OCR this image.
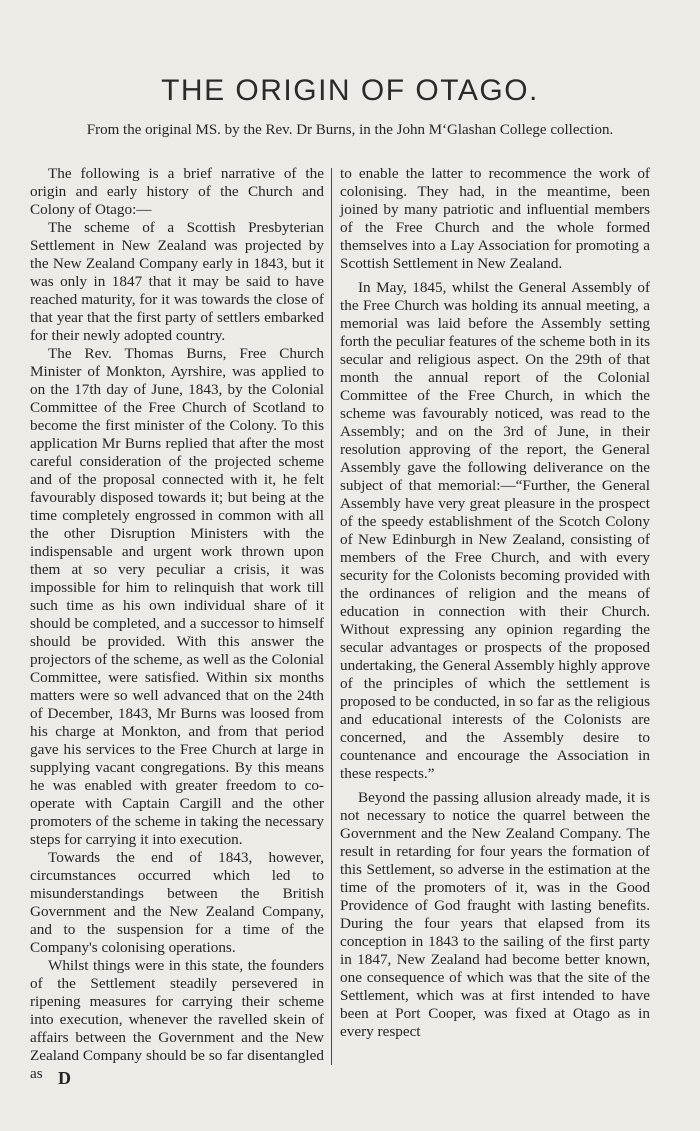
THE ORIGIN OF OTAGO.

From the original MS. by the Rev. Dr Burns, in the John M‘Glashan College collection.

The following is a brief narrative of the origin and early history of the Church and Colony of Otago:—

The scheme of a Scottish Presbyterian Settlement in New Zealand was projected by the New Zealand Company early in 1843, but it was only in 1847 that it may be said to have reached maturity, for it was towards the close of that year that the first party of settlers embarked for their newly adopted country.

The Rev. Thomas Burns, Free Church Minister of Monkton, Ayrshire, was applied to on the 17th day of June, 1843, by the Colonial Committee of the Free Church of Scotland to become the first minister of the Colony. To this application Mr Burns replied that after the most careful consideration of the projected scheme and of the proposal connected with it, he felt favourably disposed towards it; but being at the time completely engrossed in common with all the other Disruption Ministers with the indispensable and urgent work thrown upon them at so very peculiar a crisis, it was impossible for him to relinquish that work till such time as his own individual share of it should be completed, and a successor to himself should be provided. With this answer the projectors of the scheme, as well as the Colonial Committee, were satisfied. Within six months matters were so well advanced that on the 24th of December, 1843, Mr Burns was loosed from his charge at Monkton, and from that period gave his services to the Free Church at large in supplying vacant congregations. By this means he was enabled with greater freedom to co-operate with Captain Cargill and the other promoters of the scheme in taking the necessary steps for carrying it into execution.

Towards the end of 1843, however, circumstances occurred which led to misunderstandings between the British Government and the New Zealand Company, and to the suspension for a time of the Company's colonising operations.

Whilst things were in this state, the founders of the Settlement steadily persevered in ripening measures for carrying their scheme into execution, whenever the ravelled skein of affairs between the Government and the New Zealand Company should be so far disentangled as

to enable the latter to recommence the work of colonising. They had, in the meantime, been joined by many patriotic and influential members of the Free Church and the whole formed themselves into a Lay Association for promoting a Scottish Settlement in New Zealand.

In May, 1845, whilst the General Assembly of the Free Church was holding its annual meeting, a memorial was laid before the Assembly setting forth the peculiar features of the scheme both in its secular and religious aspect. On the 29th of that month the annual report of the Colonial Committee of the Free Church, in which the scheme was favourably noticed, was read to the Assembly; and on the 3rd of June, in their resolution approving of the report, the General Assembly gave the following deliverance on the subject of that memorial:—“Further, the General Assembly have very great pleasure in the prospect of the speedy establishment of the Scotch Colony of New Edinburgh in New Zealand, consisting of members of the Free Church, and with every security for the Colonists becoming provided with the ordinances of religion and the means of education in connection with their Church. Without expressing any opinion regarding the secular advantages or prospects of the proposed undertaking, the General Assembly highly approve of the principles of which the settlement is proposed to be conducted, in so far as the religious and educational interests of the Colonists are concerned, and the Assembly desire to countenance and encourage the Association in these respects.”

Beyond the passing allusion already made, it is not necessary to notice the quarrel between the Government and the New Zealand Company. The result in retarding for four years the formation of this Settlement, so adverse in the estimation at the time of the promoters of it, was in the Good Providence of God fraught with lasting benefits. During the four years that elapsed from its conception in 1843 to the sailing of the first party in 1847, New Zealand had become better known, one consequence of which was that the site of the Settlement, which was at first intended to have been at Port Cooper, was fixed at Otago as in every respect

D
